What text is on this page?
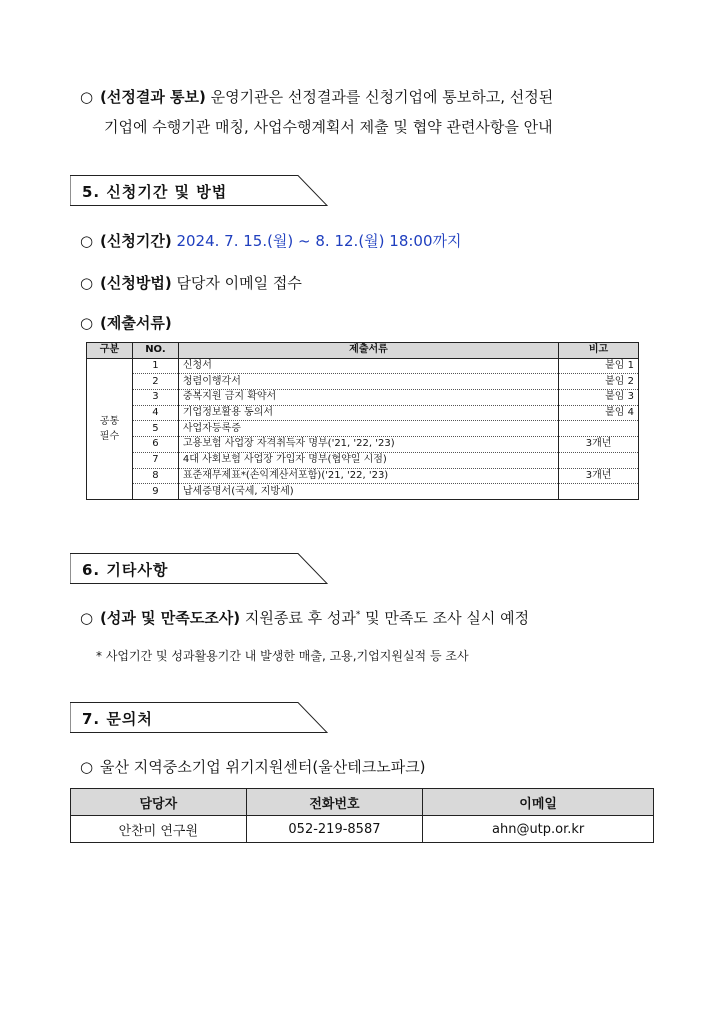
○ (선정결과 통보) 운영기관은 선정결과를 신청기업에 통보하고, 선정된
기업에 수행기관 매칭, 사업수행계획서 제출 및 협약 관련사항을 안내
5. 신청기간 및 방법
○ (신청기간) 2024. 7. 15.(월) ~ 8. 12.(월) 18:00까지
○ (신청방법) 담당자 이메일 접수
○ (제출서류)
구분	NO.	제출서류	비고
공통
필수	1	신청서	붙임 1
	2	청렴이행각서	붙임 2
	3	중복지원 금지 확약서	붙임 3
	4	기업정보활용 동의서	붙임 4
	5	사업자등록증	
	6	고용보험 사업장 자격취득자 명부('21, '22, '23)	3개년
	7	4대 사회보험 사업장 가입자 명부(협약일 시점)	
	8	표준재무제표*(손익계산서포함)('21, '22, '23)	3개년
	9	납세증명서(국세, 지방세)	
6. 기타사항
○ (성과 및 만족도조사) 지원종료 후 성과* 및 만족도 조사 실시 예정
* 사업기간 및 성과활용기간 내 발생한 매출, 고용,기업지원실적 등 조사
7. 문의처
○ 울산 지역중소기업 위기지원센터(울산테크노파크)
담당자	전화번호	이메일
안찬미 연구원	052-219-8587	ahn@utp.or.kr
